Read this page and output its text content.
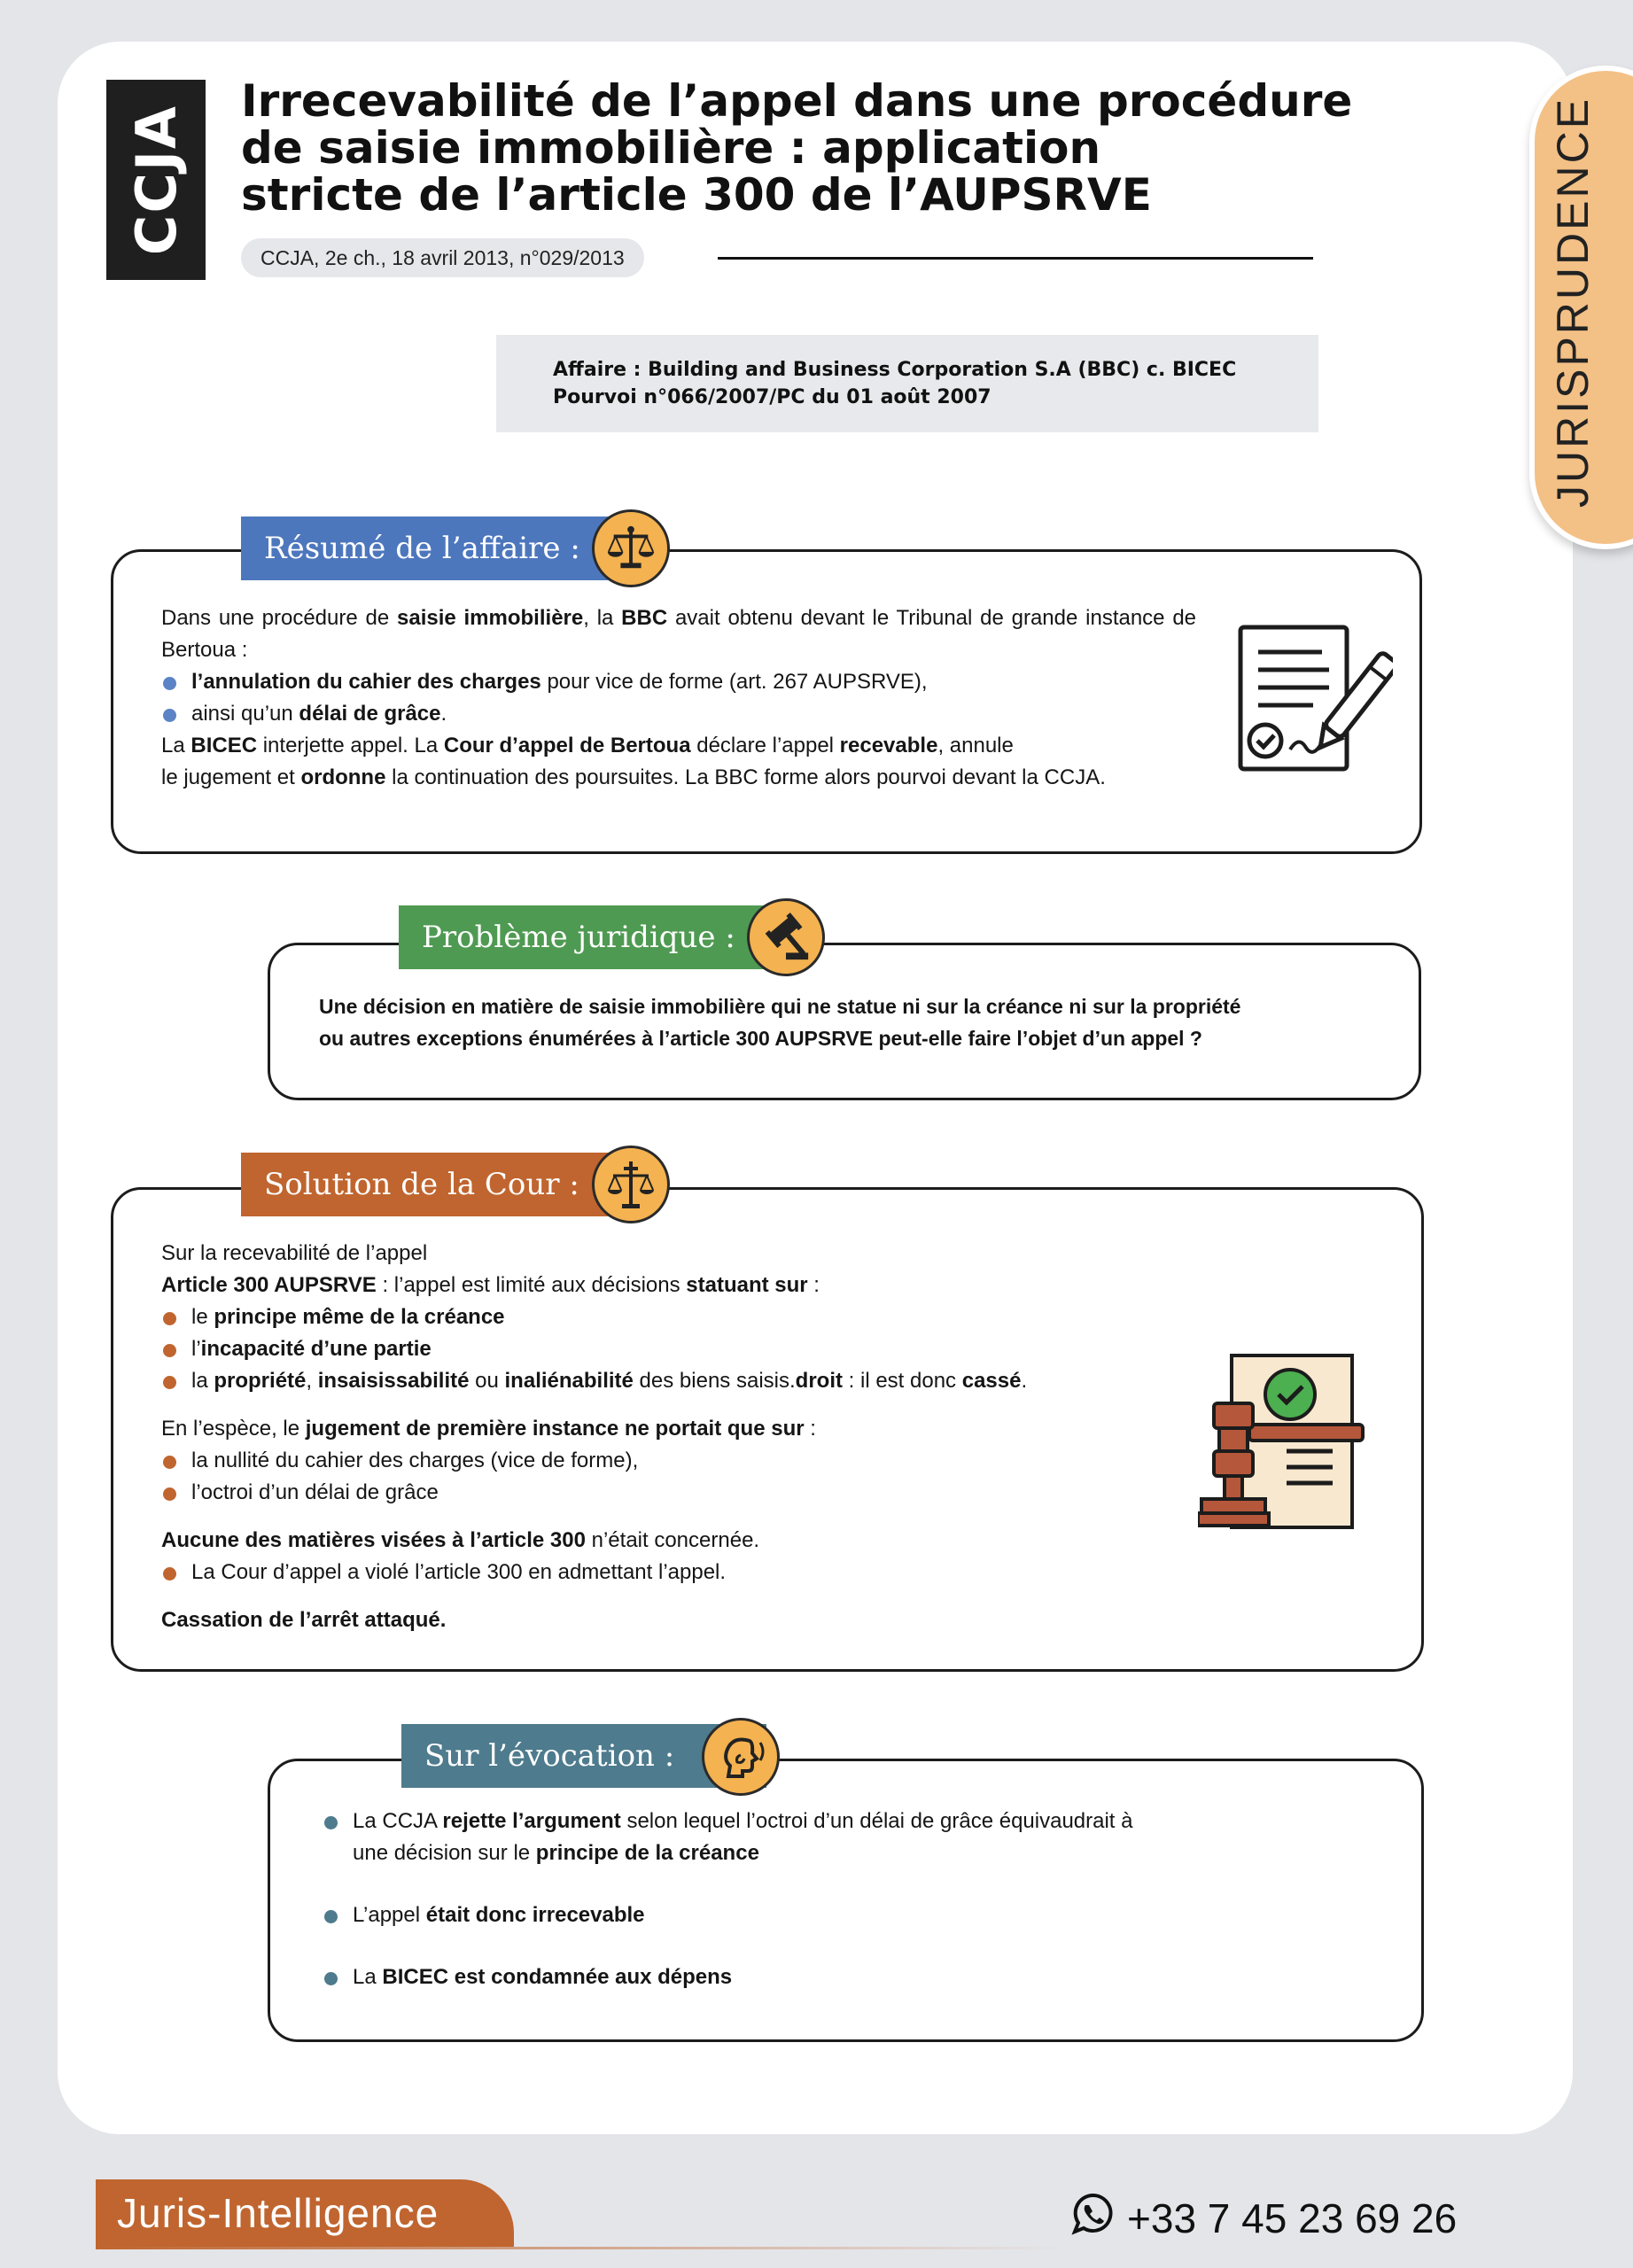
JURISPRUDENCE
CCJA
Irrecevabilité de l’appel dans une procédure
de saisie immobilière : application
stricte de l’article 300 de l’AUPSRVE
CCJA, 2e ch., 18 avril 2013, n°029/2013
Affaire : Building and Business Corporation S.A (BBC) c. BICEC
Pourvoi n°066/2007/PC du 01 août 2007
Résumé de l’affaire :
Dans une procédure de saisie immobilière, la BBC avait obtenu devant le Tribunal de grande instance de Bertoua :
l’annulation du cahier des charges pour vice de forme (art. 267 AUPSRVE),
ainsi qu’un délai de grâce.
La BICEC interjette appel. La Cour d’appel de Bertoua déclare l’appel recevable, annule
le jugement et ordonne la continuation des poursuites. La BBC forme alors pourvoi devant la CCJA.
Problème juridique :
Une décision en matière de saisie immobilière qui ne statue ni sur la créance ni sur la propriété
ou autres exceptions énumérées à l’article 300 AUPSRVE peut-elle faire l’objet d’un appel ?
Solution de la Cour :
Sur la recevabilité de l’appel
Article 300 AUPSRVE : l’appel est limité aux décisions statuant sur :
le principe même de la créance
l’incapacité d’une partie
la propriété, insaisissabilité ou inaliénabilité des biens saisis.droit : il est donc cassé.
En l’espèce, le jugement de première instance ne portait que sur :
la nullité du cahier des charges (vice de forme),
l’octroi d’un délai de grâce
Aucune des matières visées à l’article 300 n’était concernée.
La Cour d’appel a violé l’article 300 en admettant l’appel.
Cassation de l’arrêt attaqué.
Sur l’évocation :
La CCJA rejette l’argument selon lequel l’octroi d’un délai de grâce équivaudrait à
une décision sur le principe de la créance
L’appel était donc irrecevable
La BICEC est condamnée aux dépens
Juris-Intelligence	+33 7 45 23 69 26
